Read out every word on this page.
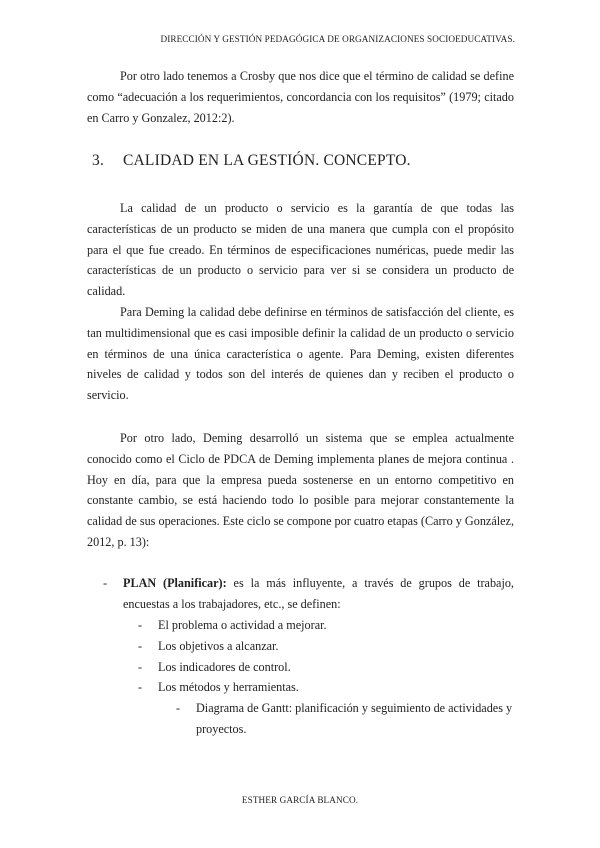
DIRECCIÓN Y GESTIÓN PEDAGÓGICA DE ORGANIZACIONES SOCIOEDUCATIVAS.
Por otro lado tenemos a Crosby que nos dice que el término de calidad se define como “adecuación a los requerimientos, concordancia con los requisitos” (1979; citado en Carro y Gonzalez, 2012:2).
3. CALIDAD EN LA GESTIÓN. CONCEPTO.
La calidad de un producto o servicio es la garantía de que todas las características de un producto se miden de una manera que cumpla con el propósito para el que fue creado. En términos de especificaciones numéricas, puede medir las características de un producto o servicio para ver si se considera un producto de calidad.
Para Deming la calidad debe definirse en términos de satisfacción del cliente, es tan multidimensional que es casi imposible definir la calidad de un producto o servicio en términos de una única característica o agente. Para Deming, existen diferentes niveles de calidad y todos son del interés de quienes dan y reciben el producto o servicio.
Por otro lado, Deming desarrolló un sistema que se emplea actualmente conocido como el Ciclo de PDCA de Deming implementa planes de mejora continua . Hoy en día, para que la empresa pueda sostenerse en un entorno competitivo en constante cambio, se está haciendo todo lo posible para mejorar constantemente la calidad de sus operaciones. Este ciclo se compone por cuatro etapas (Carro y González, 2012, p. 13):
- PLAN (Planificar): es la más influyente, a través de grupos de trabajo, encuestas a los trabajadores, etc., se definen:
- El problema o actividad a mejorar.
- Los objetivos a alcanzar.
- Los indicadores de control.
- Los métodos y herramientas.
- Diagrama de Gantt: planificación y seguimiento de actividades y proyectos.
ESTHER GARCÍA BLANCO.
